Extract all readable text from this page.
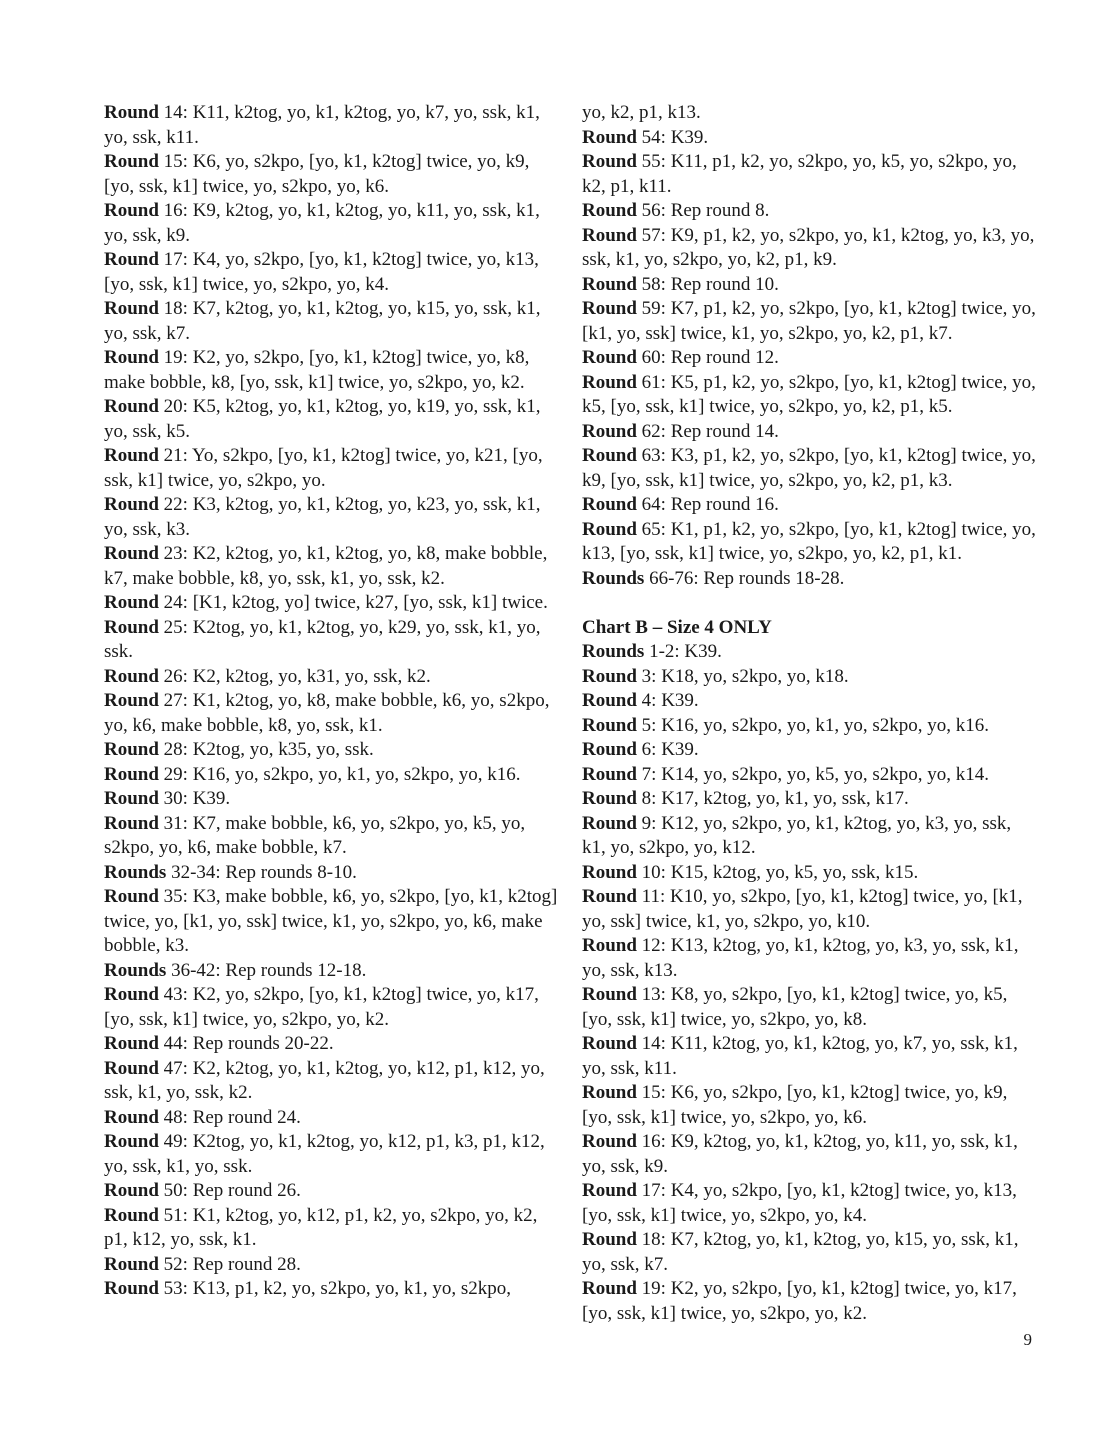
Round 14: K11, k2tog, yo, k1, k2tog, yo, k7, yo, ssk, k1, yo, ssk, k11.
Round 15: K6, yo, s2kpo, [yo, k1, k2tog] twice, yo, k9, [yo, ssk, k1] twice, yo, s2kpo, yo, k6.
Round 16: K9, k2tog, yo, k1, k2tog, yo, k11, yo, ssk, k1, yo, ssk, k9.
Round 17: K4, yo, s2kpo, [yo, k1, k2tog] twice, yo, k13, [yo, ssk, k1] twice, yo, s2kpo, yo, k4.
Round 18: K7, k2tog, yo, k1, k2tog, yo, k15, yo, ssk, k1, yo, ssk, k7.
Round 19: K2, yo, s2kpo, [yo, k1, k2tog] twice, yo, k8, make bobble, k8, [yo, ssk, k1] twice, yo, s2kpo, yo, k2.
Round 20: K5, k2tog, yo, k1, k2tog, yo, k19, yo, ssk, k1, yo, ssk, k5.
Round 21: Yo, s2kpo, [yo, k1, k2tog] twice, yo, k21, [yo, ssk, k1] twice, yo, s2kpo, yo.
Round 22: K3, k2tog, yo, k1, k2tog, yo, k23, yo, ssk, k1, yo, ssk, k3.
Round 23: K2, k2tog, yo, k1, k2tog, yo, k8, make bobble, k7, make bobble, k8, yo, ssk, k1, yo, ssk, k2.
Round 24: [K1, k2tog, yo] twice, k27, [yo, ssk, k1] twice.
Round 25: K2tog, yo, k1, k2tog, yo, k29, yo, ssk, k1, yo, ssk.
Round 26: K2, k2tog, yo, k31, yo, ssk, k2.
Round 27: K1, k2tog, yo, k8, make bobble, k6, yo, s2kpo, yo, k6, make bobble, k8, yo, ssk, k1.
Round 28: K2tog, yo, k35, yo, ssk.
Round 29: K16, yo, s2kpo, yo, k1, yo, s2kpo, yo, k16.
Round 30: K39.
Round 31: K7, make bobble, k6, yo, s2kpo, yo, k5, yo, s2kpo, yo, k6, make bobble, k7.
Rounds 32-34: Rep rounds 8-10.
Round 35: K3, make bobble, k6, yo, s2kpo, [yo, k1, k2tog] twice, yo, [k1, yo, ssk] twice, k1, yo, s2kpo, yo, k6, make bobble, k3.
Rounds 36-42: Rep rounds 12-18.
Round 43: K2, yo, s2kpo, [yo, k1, k2tog] twice, yo, k17, [yo, ssk, k1] twice, yo, s2kpo, yo, k2.
Round 44: Rep rounds 20-22.
Round 47: K2, k2tog, yo, k1, k2tog, yo, k12, p1, k12, yo, ssk, k1, yo, ssk, k2.
Round 48: Rep round 24.
Round 49: K2tog, yo, k1, k2tog, yo, k12, p1, k3, p1, k12, yo, ssk, k1, yo, ssk.
Round 50: Rep round 26.
Round 51: K1, k2tog, yo, k12, p1, k2, yo, s2kpo, yo, k2, p1, k12, yo, ssk, k1.
Round 52: Rep round 28.
Round 53: K13, p1, k2, yo, s2kpo, yo, k1, yo, s2kpo,
yo, k2, p1, k13.
Round 54: K39.
Round 55: K11, p1, k2, yo, s2kpo, yo, k5, yo, s2kpo, yo, k2, p1, k11.
Round 56: Rep round 8.
Round 57: K9, p1, k2, yo, s2kpo, yo, k1, k2tog, yo, k3, yo, ssk, k1, yo, s2kpo, yo, k2, p1, k9.
Round 58: Rep round 10.
Round 59: K7, p1, k2, yo, s2kpo, [yo, k1, k2tog] twice, yo, [k1, yo, ssk] twice, k1, yo, s2kpo, yo, k2, p1, k7.
Round 60: Rep round 12.
Round 61: K5, p1, k2, yo, s2kpo, [yo, k1, k2tog] twice, yo, k5, [yo, ssk, k1] twice, yo, s2kpo, yo, k2, p1, k5.
Round 62: Rep round 14.
Round 63: K3, p1, k2, yo, s2kpo, [yo, k1, k2tog] twice, yo, k9, [yo, ssk, k1] twice, yo, s2kpo, yo, k2, p1, k3.
Round 64: Rep round 16.
Round 65: K1, p1, k2, yo, s2kpo, [yo, k1, k2tog] twice, yo, k13, [yo, ssk, k1] twice, yo, s2kpo, yo, k2, p1, k1.
Rounds 66-76: Rep rounds 18-28.
Chart B – Size 4 ONLY
Rounds 1-2: K39.
Round 3: K18, yo, s2kpo, yo, k18.
Round 4: K39.
Round 5: K16, yo, s2kpo, yo, k1, yo, s2kpo, yo, k16.
Round 6: K39.
Round 7: K14, yo, s2kpo, yo, k5, yo, s2kpo, yo, k14.
Round 8: K17, k2tog, yo, k1, yo, ssk, k17.
Round 9: K12, yo, s2kpo, yo, k1, k2tog, yo, k3, yo, ssk, k1, yo, s2kpo, yo, k12.
Round 10: K15, k2tog, yo, k5, yo, ssk, k15.
Round 11: K10, yo, s2kpo, [yo, k1, k2tog] twice, yo, [k1, yo, ssk] twice, k1, yo, s2kpo, yo, k10.
Round 12: K13, k2tog, yo, k1, k2tog, yo, k3, yo, ssk, k1, yo, ssk, k13.
Round 13: K8, yo, s2kpo, [yo, k1, k2tog] twice, yo, k5, [yo, ssk, k1] twice, yo, s2kpo, yo, k8.
Round 14: K11, k2tog, yo, k1, k2tog, yo, k7, yo, ssk, k1, yo, ssk, k11.
Round 15: K6, yo, s2kpo, [yo, k1, k2tog] twice, yo, k9, [yo, ssk, k1] twice, yo, s2kpo, yo, k6.
Round 16: K9, k2tog, yo, k1, k2tog, yo, k11, yo, ssk, k1, yo, ssk, k9.
Round 17: K4, yo, s2kpo, [yo, k1, k2tog] twice, yo, k13, [yo, ssk, k1] twice, yo, s2kpo, yo, k4.
Round 18: K7, k2tog, yo, k1, k2tog, yo, k15, yo, ssk, k1, yo, ssk, k7.
Round 19: K2, yo, s2kpo, [yo, k1, k2tog] twice, yo, k17, [yo, ssk, k1] twice, yo, s2kpo, yo, k2.
9
